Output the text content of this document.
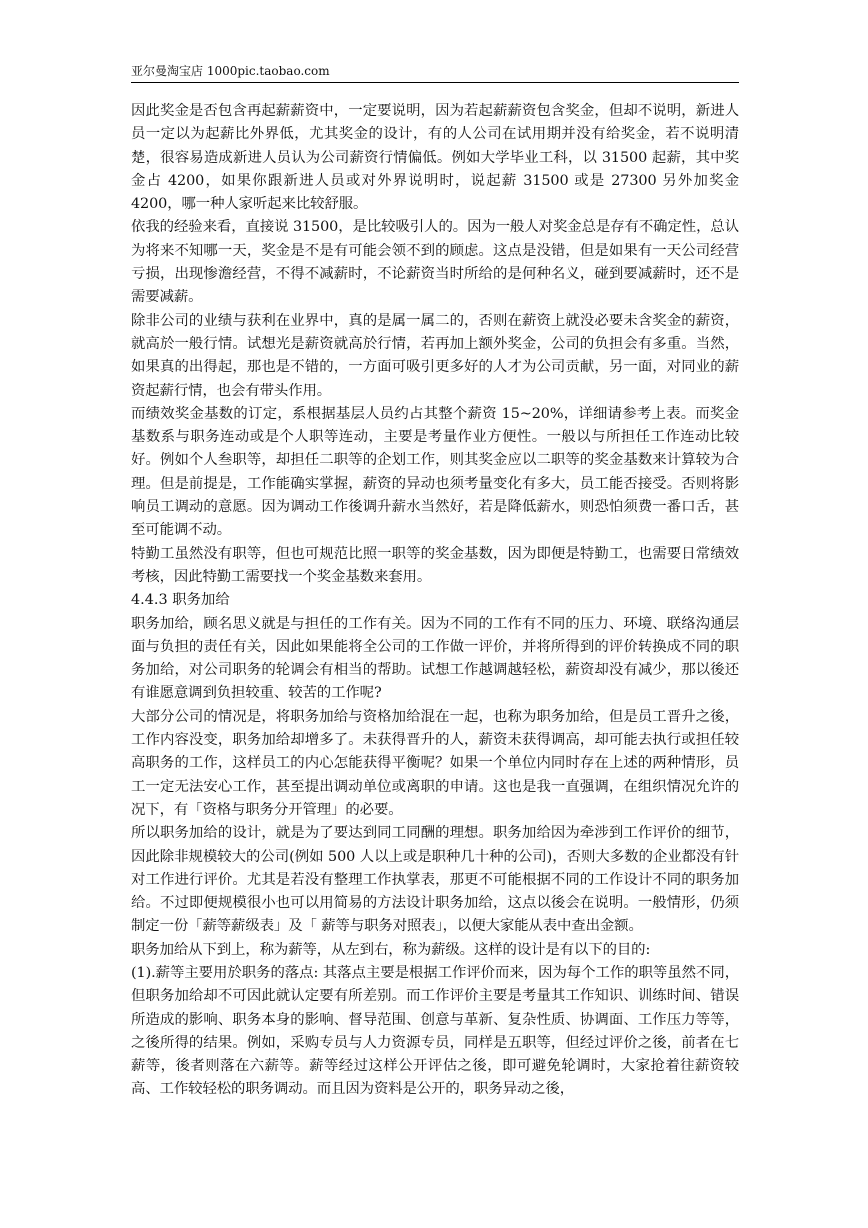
亚尔曼淘宝店 1000pic.taobao.com

因此奖金是否包含再起薪薪资中，一定要说明，因为若起薪薪资包含奖金，但却不说明，新进人员一定以为起薪比外界低，尤其奖金的设计，有的人公司在试用期并没有给奖金，若不说明清楚，很容易造成新进人员认为公司薪资行情偏低。例如大学毕业工科，以 31500 起薪，其中奖金占 4200，如果你跟新进人员或对外界说明时，说起薪 31500 或是 27300 另外加奖金 4200，哪一种人家听起来比较舒服。

依我的经验来看，直接说 31500，是比较吸引人的。因为一般人对奖金总是存有不确定性，总认为将来不知哪一天，奖金是不是有可能会领不到的顾虑。这点是没错，但是如果有一天公司经营亏损，出现惨澹经营，不得不减薪时，不论薪资当时所给的是何种名义，碰到要减薪时，还不是需要减薪。

除非公司的业绩与获利在业界中，真的是属一属二的，否则在薪资上就没必要未含奖金的薪资，就高於一般行情。试想光是薪资就高於行情，若再加上额外奖金，公司的负担会有多重。当然，如果真的出得起，那也是不错的，一方面可吸引更多好的人才为公司贡献，另一面，对同业的薪资起薪行情，也会有带头作用。

而绩效奖金基数的订定，系根据基层人员约占其整个薪资 15~20%，详细请参考上表。而奖金基数系与职务连动或是个人职等连动，主要是考量作业方便性。一般以与所担任工作连动比较好。例如个人叁职等，却担任二职等的企划工作，则其奖金应以二职等的奖金基数来计算较为合理。但是前提是，工作能确实掌握，薪资的异动也须考量变化有多大，员工能否接受。否则将影响员工调动的意愿。因为调动工作後调升薪水当然好，若是降低薪水，则恐怕须费一番口舌，甚至可能调不动。

特勤工虽然没有职等，但也可规范比照一职等的奖金基数，因为即便是特勤工，也需要日常绩效考核，因此特勤工需要找一个奖金基数来套用。

4.4.3 职务加给

职务加给，顾名思义就是与担任的工作有关。因为不同的工作有不同的压力、环境、联络沟通层面与负担的责任有关，因此如果能将全公司的工作做一评价，并将所得到的评价转换成不同的职务加给，对公司职务的轮调会有相当的帮助。试想工作越调越轻松，薪资却没有减少，那以後还有谁愿意调到负担较重、较苦的工作呢?

大部分公司的情况是，将职务加给与资格加给混在一起，也称为职务加给，但是员工晋升之後，工作内容没变，职务加给却增多了。未获得晋升的人，薪资未获得调高，却可能去执行或担任较高职务的工作，这样员工的内心怎能获得平衡呢？如果一个单位内同时存在上述的两种情形，员工一定无法安心工作，甚至提出调动单位或离职的申请。这也是我一直强调，在组织情况允许的况下，有「资格与职务分开管理」的必要。

所以职务加给的设计，就是为了要达到同工同酬的理想。职务加给因为牵涉到工作评价的细节，因此除非规模较大的公司(例如 500 人以上或是职种几十种的公司)，否则大多数的企业都没有针对工作进行评价。尤其是若没有整理工作执掌表，那更不可能根据不同的工作设计不同的职务加给。不过即便规模很小也可以用简易的方法设计职务加给，这点以後会在说明。一般情形，仍须制定一份「薪等薪级表」及「 薪等与职务对照表」，以便大家能从表中查出金额。

职务加给从下到上，称为薪等，从左到右，称为薪级。这样的设计是有以下的目的:

(1).薪等主要用於职务的落点: 其落点主要是根据工作评价而来，因为每个工作的职等虽然不同，但职务加给却不可因此就认定要有所差别。而工作评价主要是考量其工作知识、训练时间、错误所造成的影响、职务本身的影响、督导范围、创意与革新、复杂性质、协调面、工作压力等等，之後所得的结果。例如，采购专员与人力资源专员，同样是五职等，但经过评价之後，前者在七薪等，後者则落在六薪等。薪等经过这样公开评估之後，即可避免轮调时，大家抢着往薪资较高、工作较轻松的职务调动。而且因为资料是公开的，职务异动之後，
